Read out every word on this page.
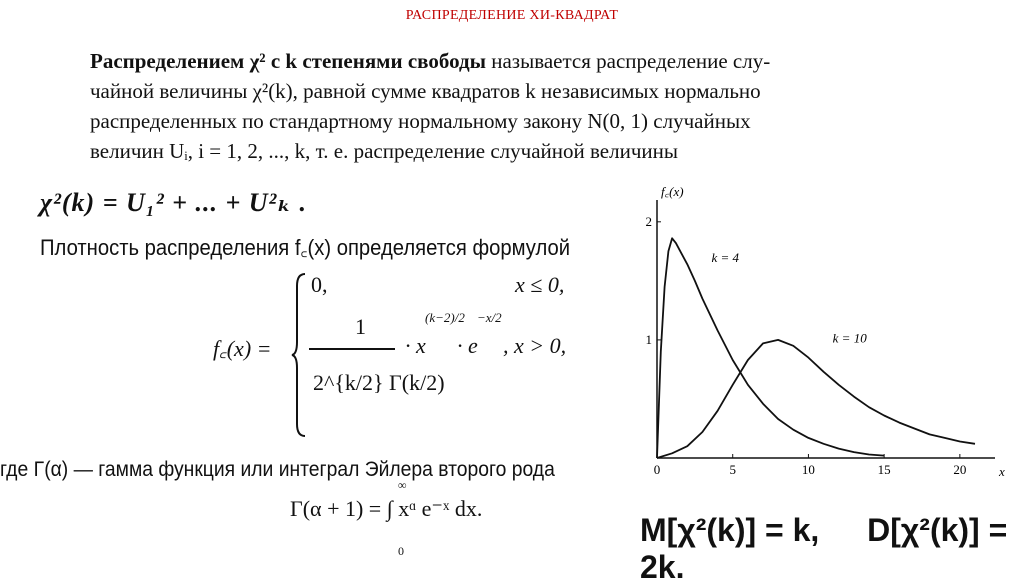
РАСПРЕДЕЛЕНИЕ ХИ-КВАДРАТ
Распределением χ² с k степенями свободы называется распределение слу-
чайной величины χ²(k), равной сумме квадратов k независимых нормально
распределенных по стандартному нормальному закону N(0, 1) случайных
величин Uᵢ, i = 1, 2, ..., k, т. е. распределение случайной величины
χ²(k) = U₁² + ... + U²ₖ .
Плотность распределения f꜀(x) определяется формулой
f꜀(x) =
0,	x ≤ 0,
1
2^{k/2} Γ(k/2)
· x
(k−2)/2
· e
−x/2
, x > 0,
где Γ(α) — гамма функция или интеграл Эйлера второго рода
Γ(α + 1) = ∫ xᵅ e⁻ˣ dx.
∞
0
M[χ²(k)] = k, D[χ²(k)] = 2k.
0	5	10	15	20
1
2
k = 4
k = 10
f꜀(x)
x
